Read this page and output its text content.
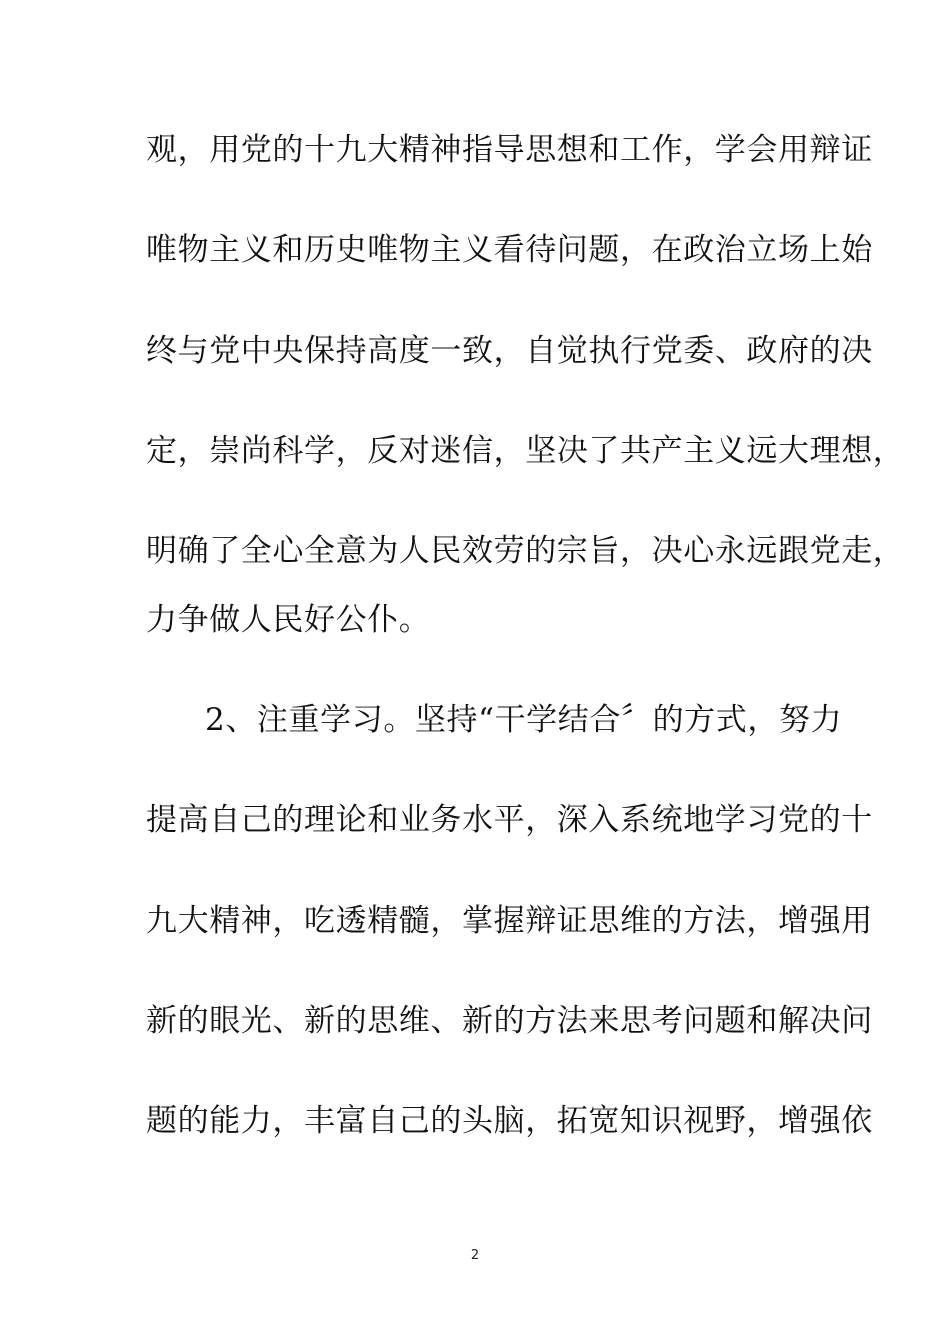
观，用党的十九大精神指导思想和工作，学会用辩证
唯物主义和历史唯物主义看待问题，在政治立场上始
终与党中央保持高度一致，自觉执行党委、政府的决
定，崇尚科学，反对迷信，坚决了共产主义远大理想，
明确了全心全意为人民效劳的宗旨，决心永远跟党走，
力争做人民好公仆。
2、注重学习。坚持“干学结合〞的方式，努力
提高自己的理论和业务水平，深入系统地学习党的十
九大精神，吃透精髓，掌握辩证思维的方法，增强用
新的眼光、新的思维、新的方法来思考问题和解决问
题的能力，丰富自己的头脑，拓宽知识视野，增强依
2
